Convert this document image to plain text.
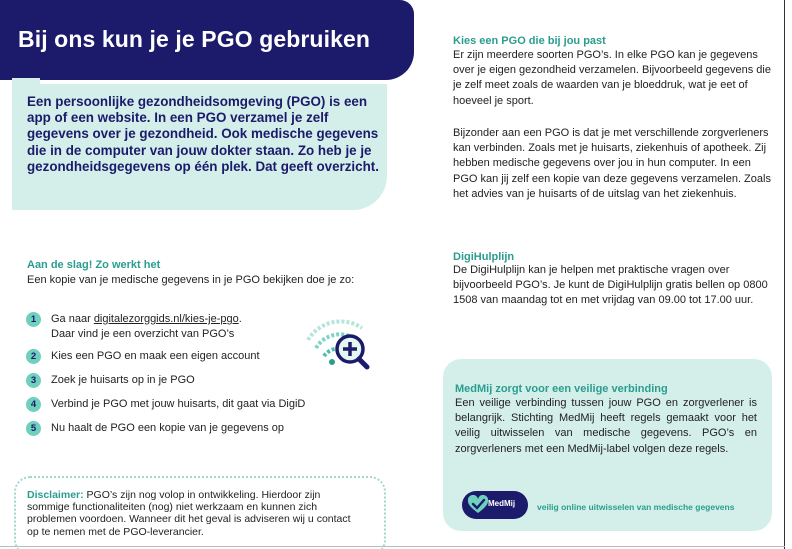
Bij ons kun je je PGO gebruiken
Een persoonlijke gezondheidsomgeving (PGO) is een app of een website. In een PGO verzamel je zelf gegevens over je gezondheid. Ook medische gegevens die in de computer van jouw dokter staan. Zo heb je je gezondheidsgegevens op één plek. Dat geeft overzicht.
Aan de slag! Zo werkt het
Een kopie van je medische gegevens in je PGO bekijken doe je zo:
1	Ga naar digitalezorggids.nl/kies-je-pgo.
Daar vind je een overzicht van PGO’s
2	Kies een PGO en maak een eigen account
3	Zoek je huisarts op in je PGO
4	Verbind je PGO met jouw huisarts, dit gaat via DigiD
5	Nu haalt de PGO een kopie van je gegevens op
Disclaimer: PGO’s zijn nog volop in ontwikkeling. Hierdoor zijn sommige functionaliteiten (nog) niet werkzaam en kunnen zich problemen voordoen. Wanneer dit het geval is adviseren wij u contact op te nemen met de PGO-leverancier.
Kies een PGO die bij jou past
Er zijn meerdere soorten PGO’s. In elke PGO kan je gegevens over je eigen gezondheid verzamelen. Bijvoorbeeld gegevens die je zelf meet zoals de waarden van je bloeddruk, wat je eet of hoeveel je sport.
Bijzonder aan een PGO is dat je met verschillende zorgverleners kan verbinden. Zoals met je huisarts, ziekenhuis of apotheek. Zij hebben medische gegevens over jou in hun computer. In een PGO kan jij zelf een kopie van deze gegevens verzamelen. Zoals het advies van je huisarts of de uitslag van het ziekenhuis.
DigiHulplijn
De DigiHulplijn kan je helpen met praktische vragen over bijvoorbeeld PGO’s. Je kunt de DigiHulplijn gratis bellen op 0800 1508 van maandag tot en met vrijdag van 09.00 tot 17.00 uur.
MedMij zorgt voor een veilige verbinding
Een veilige verbinding tussen jouw PGO en zorgverlener is belangrijk. Stichting MedMij heeft regels gemaakt voor het veilig uitwisselen van medische gegevens. PGO’s en zorgverleners met een MedMij-label volgen deze regels.
MedMij	veilig online uitwisselen van medische gegevens
